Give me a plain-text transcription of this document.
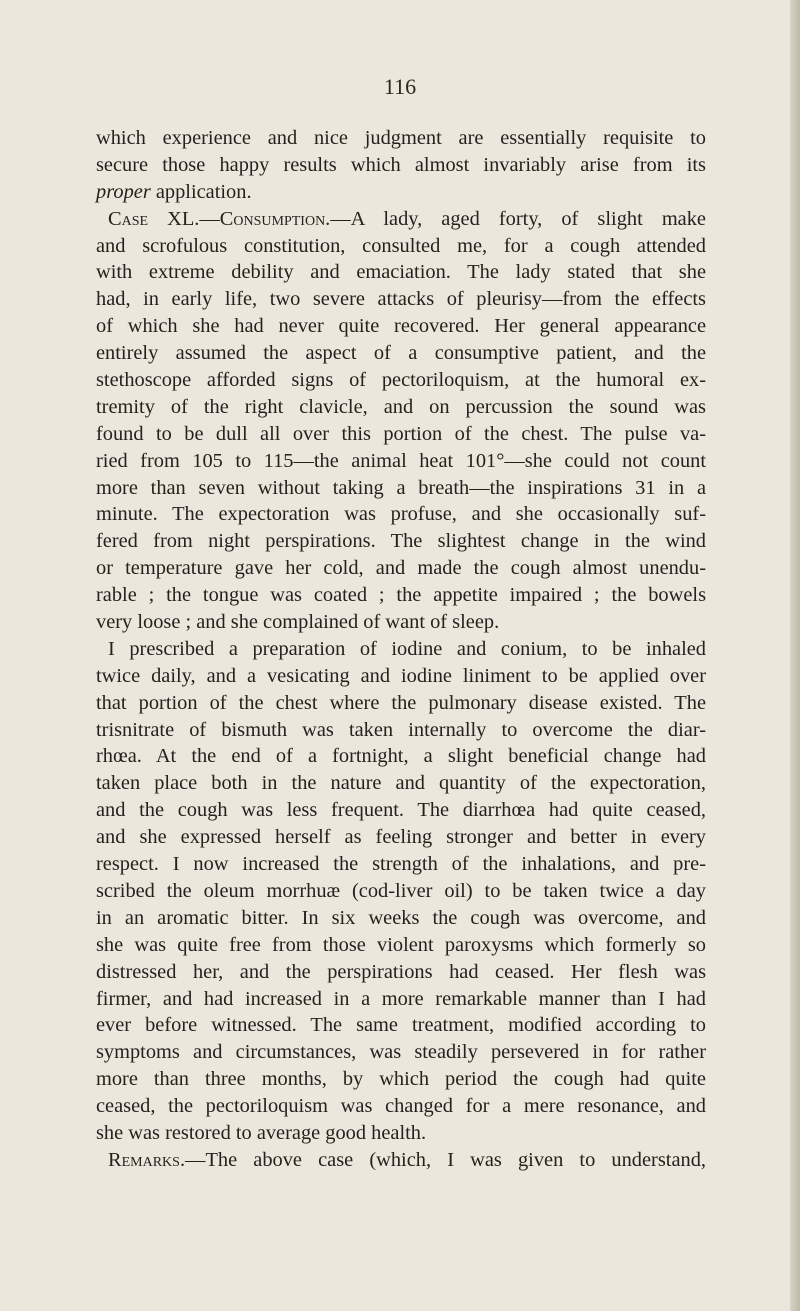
116
which experience and nice judgment are essentially requisite to
secure those happy results which almost invariably arise from its
proper application.
Case XL.—Consumption.—A lady, aged forty, of slight make
and scrofulous constitution, consulted me, for a cough attended
with extreme debility and emaciation. The lady stated that she
had, in early life, two severe attacks of pleurisy—from the effects
of which she had never quite recovered. Her general appearance
entirely assumed the aspect of a consumptive patient, and the
stethoscope afforded signs of pectoriloquism, at the humoral ex-
tremity of the right clavicle, and on percussion the sound was
found to be dull all over this portion of the chest. The pulse va-
ried from 105 to 115—the animal heat 101°—she could not count
more than seven without taking a breath—the inspirations 31 in a
minute. The expectoration was profuse, and she occasionally suf-
fered from night perspirations. The slightest change in the wind
or temperature gave her cold, and made the cough almost unendu-
rable ; the tongue was coated ; the appetite impaired ; the bowels
very loose ; and she complained of want of sleep.
I prescribed a preparation of iodine and conium, to be inhaled
twice daily, and a vesicating and iodine liniment to be applied over
that portion of the chest where the pulmonary disease existed. The
trisnitrate of bismuth was taken internally to overcome the diar-
rhœa. At the end of a fortnight, a slight beneficial change had
taken place both in the nature and quantity of the expectoration,
and the cough was less frequent. The diarrhœa had quite ceased,
and she expressed herself as feeling stronger and better in every
respect. I now increased the strength of the inhalations, and pre-
scribed the oleum morrhuæ (cod-liver oil) to be taken twice a day
in an aromatic bitter. In six weeks the cough was overcome, and
she was quite free from those violent paroxysms which formerly so
distressed her, and the perspirations had ceased. Her flesh was
firmer, and had increased in a more remarkable manner than I had
ever before witnessed. The same treatment, modified according to
symptoms and circumstances, was steadily persevered in for rather
more than three months, by which period the cough had quite
ceased, the pectoriloquism was changed for a mere resonance, and
she was restored to average good health.
Remarks.—The above case (which, I was given to understand,
